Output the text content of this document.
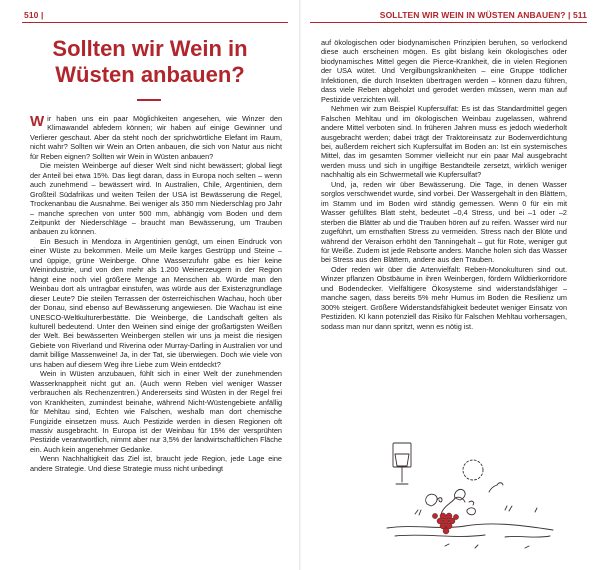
510 |
Sollten wir Wein in Wüsten anbauen?

Wir haben uns ein paar Möglichkeiten angesehen, wie Winzer den Klimawandel abfedern können; wir haben auf einige Gewinner und Verlierer geschaut. Aber da steht noch der sprichwörtliche Elefant im Raum, nicht wahr? Sollten wir Wein an Orten anbauen, die sich von Natur aus nicht für Reben eignen? Sollten wir Wein in Wüsten anbauen?

Die meisten Weinberge auf dieser Welt sind nicht bewässert; global liegt der Anteil bei etwa 15%. Das liegt daran, dass in Europa noch selten – wenn auch zunehmend – bewässert wird. In Australien, Chile, Argentinien, dem Großteil Südafrikas und weiten Teilen der USA ist Bewässerung die Regel, Trockenanbau die Ausnahme. Bei weniger als 350 mm Niederschlag pro Jahr – manche sprechen von unter 500 mm, abhängig vom Boden und dem Zeitpunkt der Niederschläge – braucht man Bewässerung, um Trauben anbauen zu können.

Ein Besuch in Mendoza in Argentinien genügt, um einen Eindruck von einer Wüste zu bekommen. Meile um Meile karges Gestrüpp und Steine – und üppige, grüne Weinberge. Ohne Wasserzufuhr gäbe es hier keine Weinindustrie, und von den mehr als 1.200 Weinerzeugern in der Region hängt eine noch viel größere Menge an Menschen ab. Würde man den Weinbau dort als untragbar einstufen, was würde aus der Existenzgrundlage dieser Leute? Die steilen Terrassen der österreichischen Wachau, hoch über der Donau, sind ebenso auf Bewässerung angewiesen. Die Wachau ist eine UNESCO-Weltkulturerbestätte. Die Weinberge, die Landschaft gelten als kulturell bedeutend. Unter den Weinen sind einige der großartigsten Weißen der Welt. Bei bewässerten Weinbergen stellen wir uns ja meist die riesigen Gebiete von Riverland und Riverina oder Murray-Darling in Australien vor und damit billige Massenweine! Ja, in der Tat, sie überwiegen. Doch wie viele von uns haben auf diesem Weg ihre Liebe zum Wein entdeckt?

Wein in Wüsten anzubauen, fühlt sich in einer Welt der zunehmenden Wasserknappheit nicht gut an. (Auch wenn Reben viel weniger Wasser verbrauchen als Rechenzentren.) Andererseits sind Wüsten in der Regel frei von Krankheiten, zumindest beinahe, während Nicht-Wüstengebiete anfällig für Mehltau sind, Echten wie Falschen, weshalb man dort chemische Fungizide einsetzen muss. Auch Pestizide werden in diesen Regionen oft massiv ausgebracht. In Europa ist der Weinbau für 15% der versprühten Pestizide verantwortlich, nimmt aber nur 3,5% der landwirtschaftlichen Fläche ein. Auch kein angenehmer Gedanke.

Wenn Nachhaltigkeit das Ziel ist, braucht jede Region, jede Lage eine andere Strategie. Und diese Strategie muss nicht unbedingt

SOLLTEN WIR WEIN IN WÜSTEN ANBAUEN? | 511

auf ökologischen oder biodynamischen Prinzipien beruhen, so verlockend diese auch erscheinen mögen. Es gibt bislang kein ökologisches oder biodynamisches Mittel gegen die Pierce-Krankheit, die in vielen Regionen der USA wütet. Und Vergilbungskrankheiten – eine Gruppe tödlicher Infektionen, die durch Insekten übertragen werden – können dazu führen, dass viele Reben abgeholzt und gerodet werden müssen, wenn man auf Pestizide verzichten will.

Nehmen wir zum Beispiel Kupfersulfat: Es ist das Standardmittel gegen Falschen Mehltau und im ökologischen Weinbau zugelassen, während andere Mittel verboten sind. In früheren Jahren muss es jedoch wiederholt ausgebracht werden; dabei trägt der Traktoreinsatz zur Bodenverdichtung bei, außerdem reichert sich Kupfersulfat im Boden an: Ist ein systemisches Mittel, das im gesamten Sommer vielleicht nur ein paar Mal ausgebracht werden muss und sich in ungiftige Bestandteile zersetzt, wirklich weniger nachhaltig als ein Schwermetall wie Kupfersulfat?

Und, ja, reden wir über Bewässerung. Die Tage, in denen Wasser sorglos verschwendet wurde, sind vorbei. Der Wassergehalt in den Blättern, im Stamm und im Boden wird ständig gemessen. Wenn 0 für ein mit Wasser gefülltes Blatt steht, bedeutet –0,4 Stress, und bei –1 oder –2 sterben die Blätter ab und die Trauben hören auf zu reifen. Wasser wird nur zugeführt, um ernsthaften Stress zu vermeiden. Stress nach der Blüte und während der Veraison erhöht den Tanningehalt – gut für Rote, weniger gut für Weiße. Zudem ist jede Rebsorte anders. Manche holen sich das Wasser bei Stress aus den Blättern, andere aus den Trauben.

Oder reden wir über die Artenvielfalt: Reben-Monokulturen sind out. Winzer pflanzen Obstbäume in ihren Weinbergen, fördern Wildtierkorridore und Bodendecker. Vielfältigere Ökosysteme sind widerstandsfähiger – manche sagen, dass bereits 5% mehr Humus im Boden die Resilienz um 300% steigert. Größere Widerstandsfähigkeit bedeutet weniger Einsatz von Pestiziden. KI kann potenziell das Risiko für Falschen Mehltau vorhersagen, sodass man nur dann spritzt, wenn es nötig ist.
